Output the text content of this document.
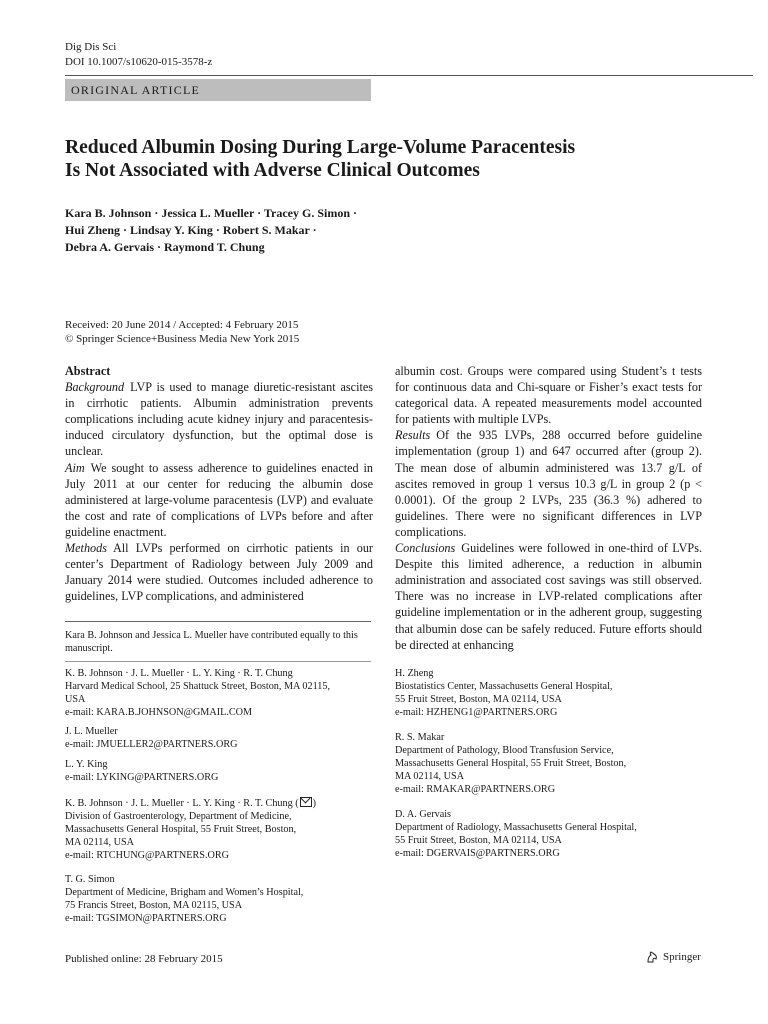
Dig Dis Sci
DOI 10.1007/s10620-015-3578-z
ORIGINAL ARTICLE
Reduced Albumin Dosing During Large-Volume Paracentesis
Is Not Associated with Adverse Clinical Outcomes
Kara B. Johnson · Jessica L. Mueller · Tracey G. Simon ·
Hui Zheng · Lindsay Y. King · Robert S. Makar ·
Debra A. Gervais · Raymond T. Chung
Received: 20 June 2014 / Accepted: 4 February 2015
© Springer Science+Business Media New York 2015

Abstract

Background LVP is used to manage diuretic-resistant ascites in cirrhotic patients. Albumin administration prevents complications including acute kidney injury and paracentesis-induced circulatory dysfunction, but the optimal dose is unclear.

Aim We sought to assess adherence to guidelines enacted in July 2011 at our center for reducing the albumin dose administered at large-volume paracentesis (LVP) and evaluate the cost and rate of complications of LVPs before and after guideline enactment.

Methods All LVPs performed on cirrhotic patients in our center’s Department of Radiology between July 2009 and January 2014 were studied. Outcomes included adherence to guidelines, LVP complications, and administered

albumin cost. Groups were compared using Student’s t tests for continuous data and Chi-square or Fisher’s exact tests for categorical data. A repeated measurements model accounted for patients with multiple LVPs.

Results Of the 935 LVPs, 288 occurred before guideline implementation (group 1) and 647 occurred after (group 2). The mean dose of albumin administered was 13.7 g/L of ascites removed in group 1 versus 10.3 g/L in group 2 (p < 0.0001). Of the group 2 LVPs, 235 (36.3 %) adhered to guidelines. There were no significant differences in LVP complications.

Conclusions Guidelines were followed in one-third of LVPs. Despite this limited adherence, a reduction in albumin administration and associated cost savings was still observed. There was no increase in LVP-related complications after guideline implementation or in the adherent group, suggesting that albumin dose can be safely reduced. Future efforts should be directed at enhancing

Kara B. Johnson and Jessica L. Mueller have contributed equally to this manuscript.
K. B. Johnson · J. L. Mueller · L. Y. King · R. T. Chung
Harvard Medical School, 25 Shattuck Street, Boston, MA 02115,
USA
e-mail: KARA.B.JOHNSON@GMAIL.COM
J. L. Mueller
e-mail: JMUELLER2@PARTNERS.ORG
L. Y. King
e-mail: LYKING@PARTNERS.ORG
K. B. Johnson · J. L. Mueller · L. Y. King · R. T. Chung ( )
Division of Gastroenterology, Department of Medicine,
Massachusetts General Hospital, 55 Fruit Street, Boston,
MA 02114, USA
e-mail: RTCHUNG@PARTNERS.ORG
T. G. Simon
Department of Medicine, Brigham and Women’s Hospital,
75 Francis Street, Boston, MA 02115, USA
e-mail: TGSIMON@PARTNERS.ORG
H. Zheng
Biostatistics Center, Massachusetts General Hospital,
55 Fruit Street, Boston, MA 02114, USA
e-mail: HZHENG1@PARTNERS.ORG
R. S. Makar
Department of Pathology, Blood Transfusion Service,
Massachusetts General Hospital, 55 Fruit Street, Boston,
MA 02114, USA
e-mail: RMAKAR@PARTNERS.ORG
D. A. Gervais
Department of Radiology, Massachusetts General Hospital,
55 Fruit Street, Boston, MA 02114, USA
e-mail: DGERVAIS@PARTNERS.ORG
Published online: 28 February 2015	Springer
